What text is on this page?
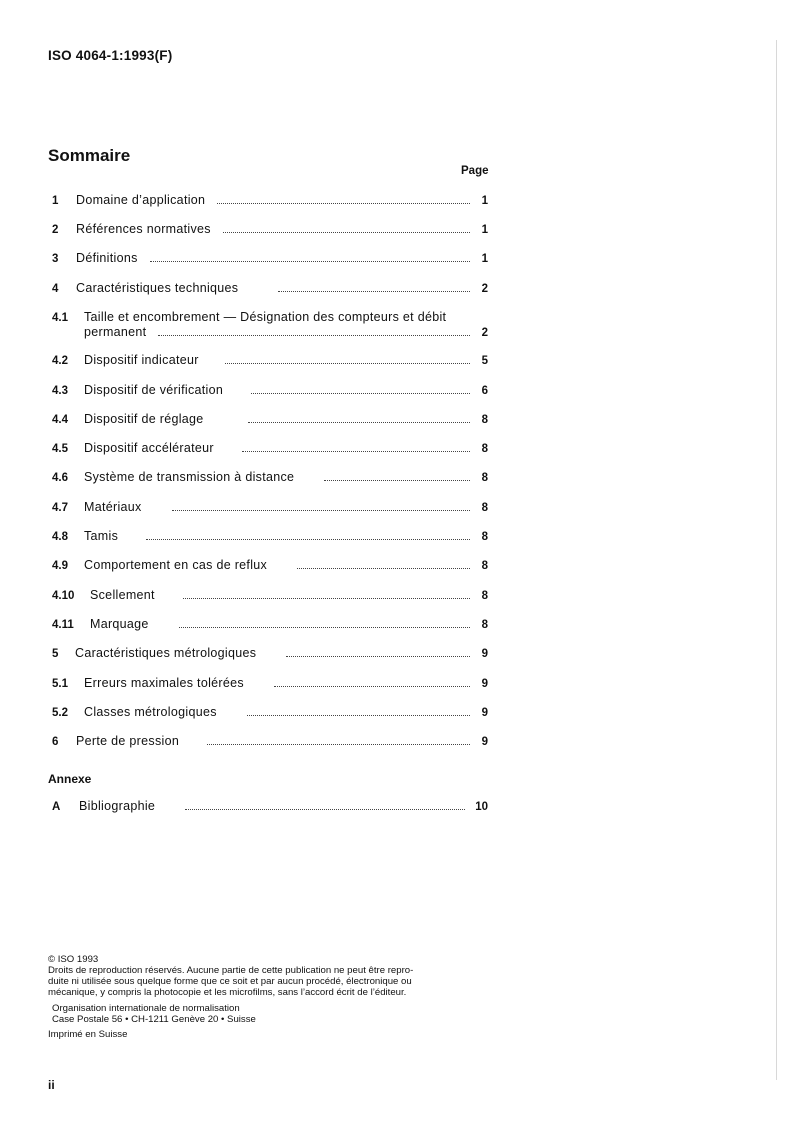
ISO 4064-1:1993(F)
Sommaire
Page
1	Domaine d’application	1
2	Références normatives	1
3	Définitions	1
4	Caractéristiques techniques	2
4.1	Taille et encombrement — Désignation des compteurs et débit
permanent	2
4.2	Dispositif indicateur	5
4.3	Dispositif de vérification	6
4.4	Dispositif de réglage	8
4.5	Dispositif accélérateur	8
4.6	Système de transmission à distance	8
4.7	Matériaux	8
4.8	Tamis	8
4.9	Comportement en cas de reflux	8
4.10	Scellement	8
4.11	Marquage	8
5	Caractéristiques métrologiques	9
5.1	Erreurs maximales tolérées	9
5.2	Classes métrologiques	9
6	Perte de pression	9
Annexe
A	Bibliographie	10
© ISO 1993
Droits de reproduction réservés. Aucune partie de cette publication ne peut être repro-
duite ni utilisée sous quelque forme que ce soit et par aucun procédé, électronique ou
mécanique, y compris la photocopie et les microfilms, sans l’accord écrit de l’éditeur.
Organisation internationale de normalisation
Case Postale 56 • CH-1211 Genève 20 • Suisse
Imprimé en Suisse
ii
